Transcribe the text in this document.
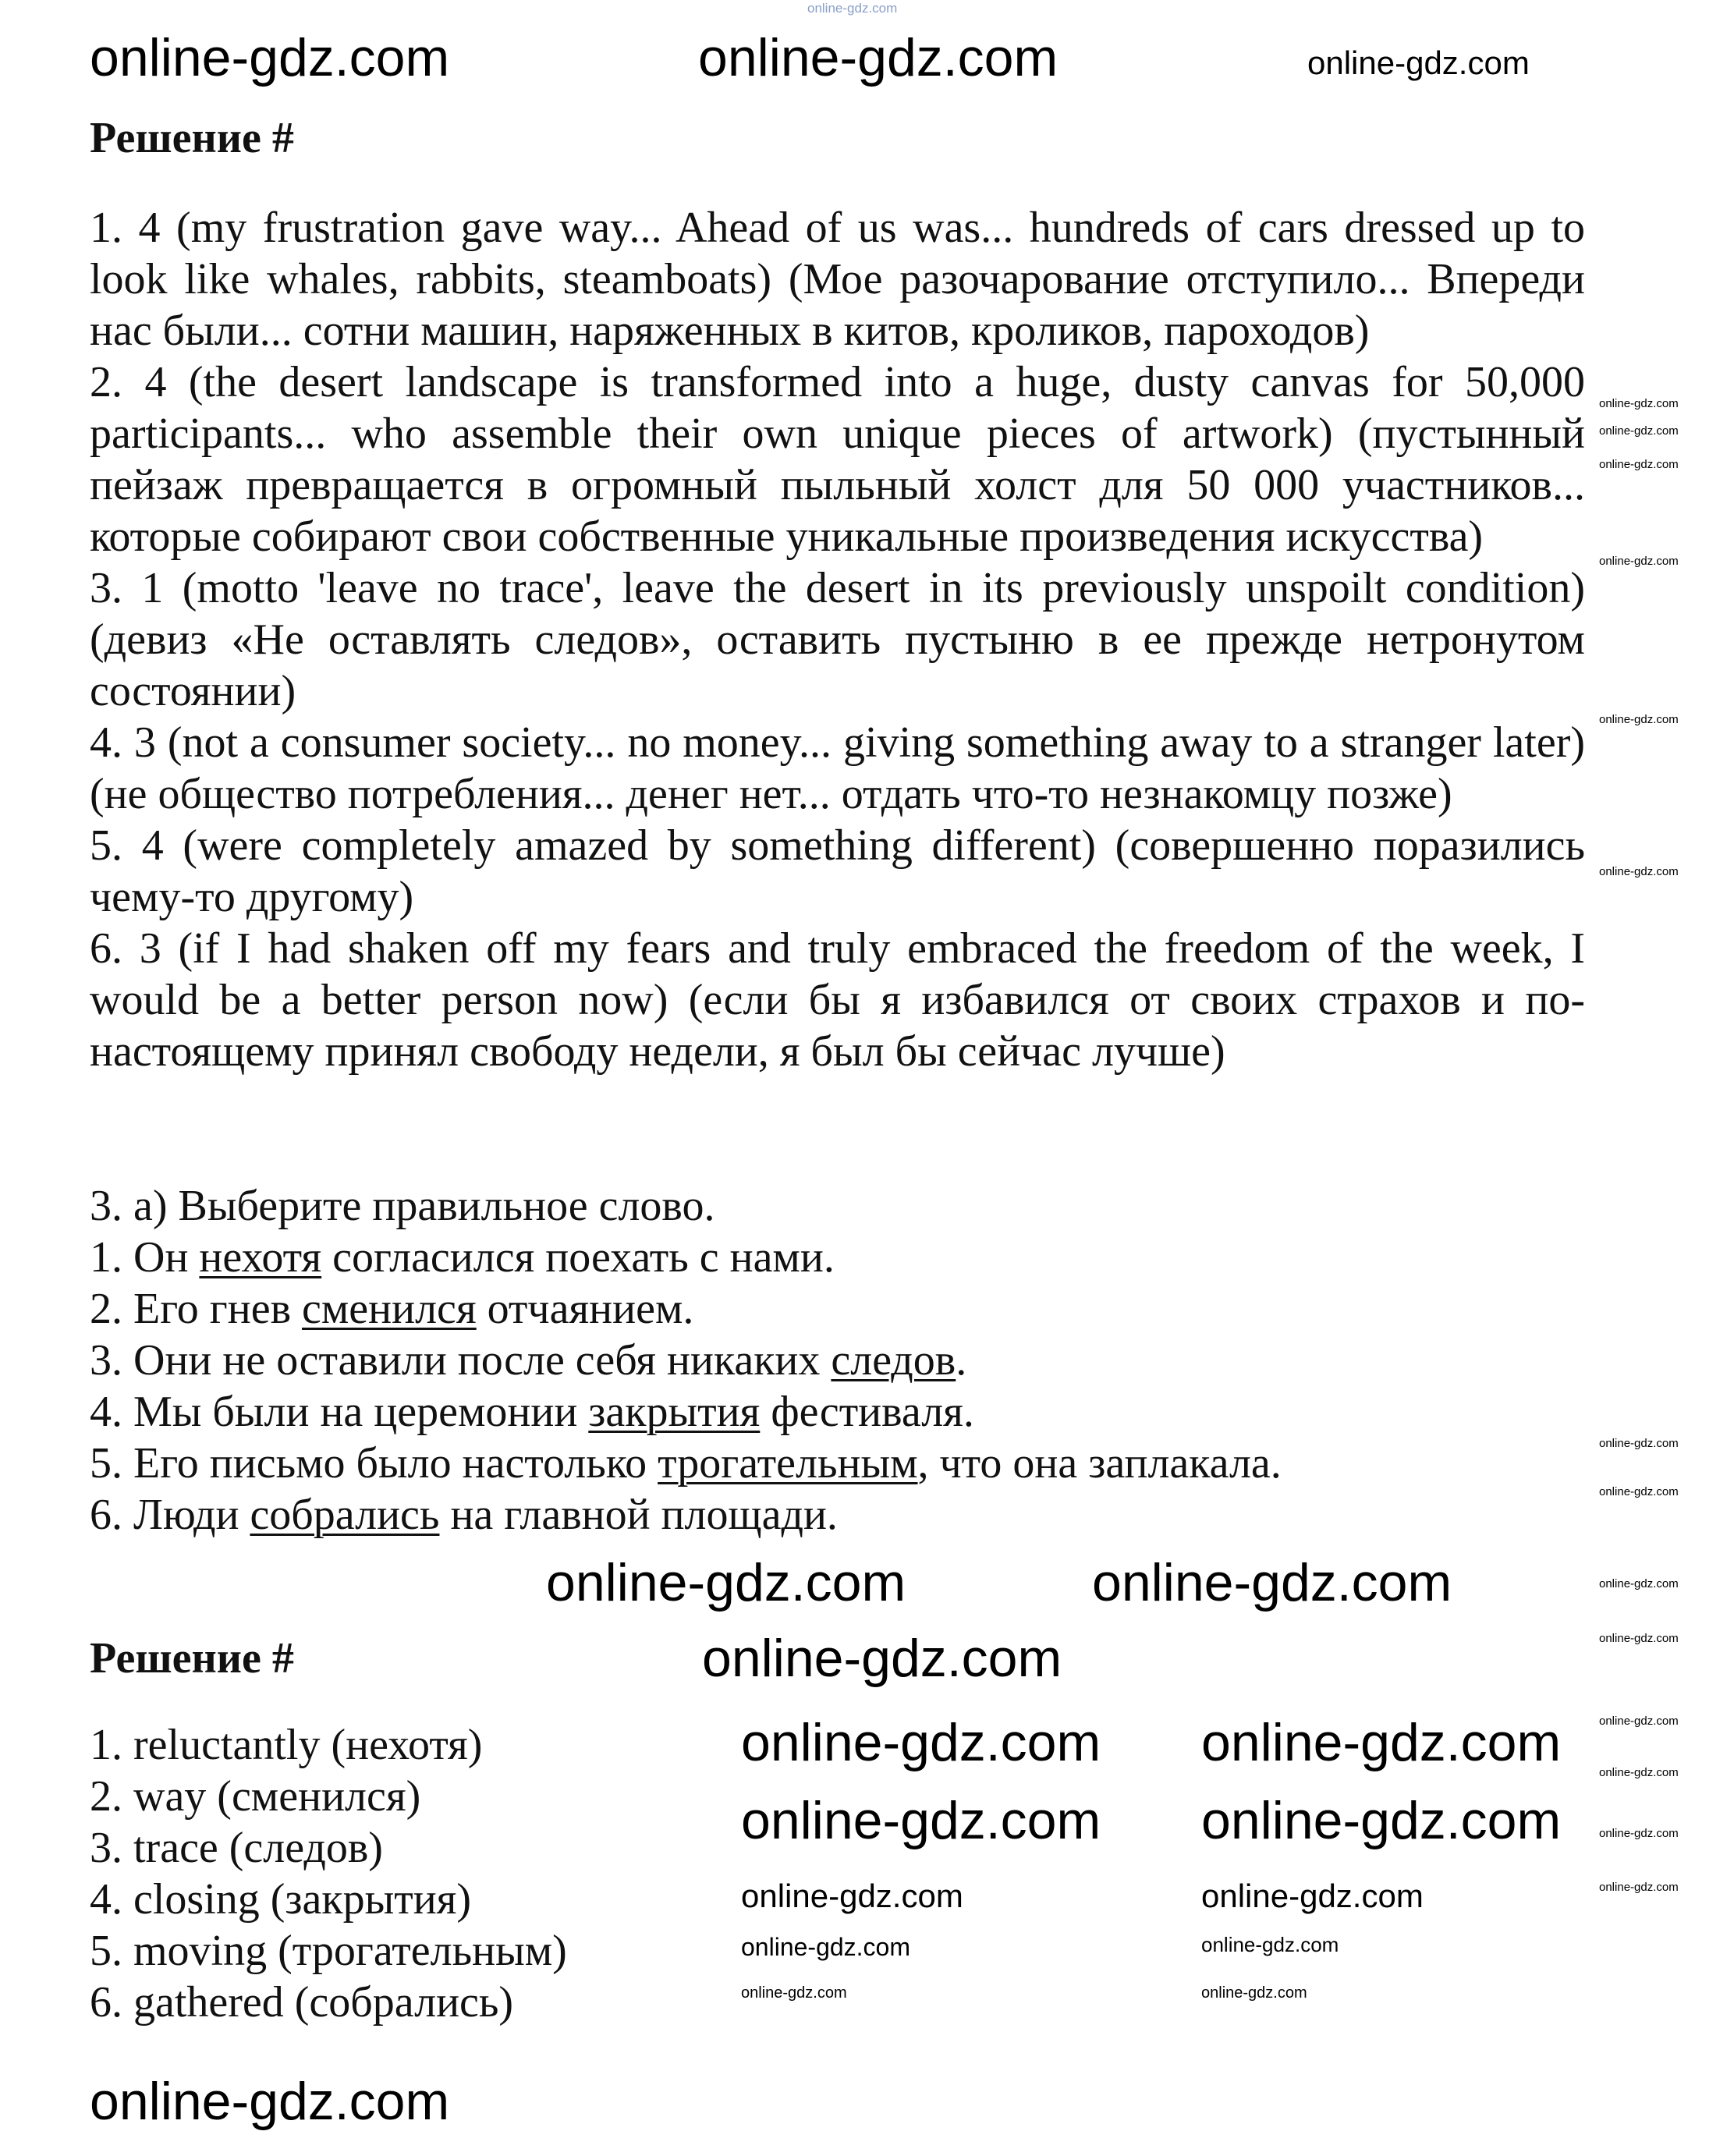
Решение #

1. 4 (my frustration gave way... Ahead of us was... hundreds of cars dressed up to look like whales, rabbits, steamboats) (Мое разочарование отступило... Впереди нас были... сотни машин, наряженных в китов, кроликов, пароходов)

2. 4 (the desert landscape is transformed into a huge, dusty canvas for 50,000 participants... who assemble their own unique pieces of artwork) (пустынный пейзаж превращается в огромный пыльный холст для 50 000 участников... которые собирают свои собственные уникальные произведения искусства)

3. 1 (motto 'leave no trace', leave the desert in its previously unspoilt condition) (девиз «Не оставлять следов», оставить пустыню в ее прежде нетронутом состоянии)

4. 3 (not a consumer society... no money... giving something away to a stranger later) (не общество потребления... денег нет... отдать что-то незнакомцу позже)

5. 4 (were completely amazed by something different) (совершенно поразились чему-то другому)

6. 3 (if I had shaken off my fears and truly embraced the freedom of the week, I would be a better person now) (если бы я избавился от своих страхов и по-настоящему принял свободу недели, я был бы сейчас лучше)

3. а) Выберите правильное слово.

1. Он нехотя согласился поехать с нами.

2. Его гнев сменился отчаянием.

3. Они не оставили после себя никаких следов.

4. Мы были на церемонии закрытия фестиваля.

5. Его письмо было настолько трогательным, что она заплакала.

6. Люди собрались на главной площади.

Решение #

1. reluctantly (нехотя)

2. way (сменился)

3. trace (следов)

4. closing (закрытия)

5. moving (трогательным)

6. gathered (собрались)

online-gdz.com
online-gdz.com	online-gdz.com	online-gdz.com
online-gdz.com
online-gdz.com
online-gdz.com
online-gdz.com
online-gdz.com
online-gdz.com
online-gdz.com
online-gdz.com
online-gdz.com
online-gdz.com
online-gdz.com
online-gdz.com
online-gdz.com
online-gdz.com
online-gdz.com	online-gdz.com
online-gdz.com
online-gdz.com online-gdz.com
online-gdz.com online-gdz.com
online-gdz.com	online-gdz.com
online-gdz.com	online-gdz.com
online-gdz.com	online-gdz.com
online-gdz.com
